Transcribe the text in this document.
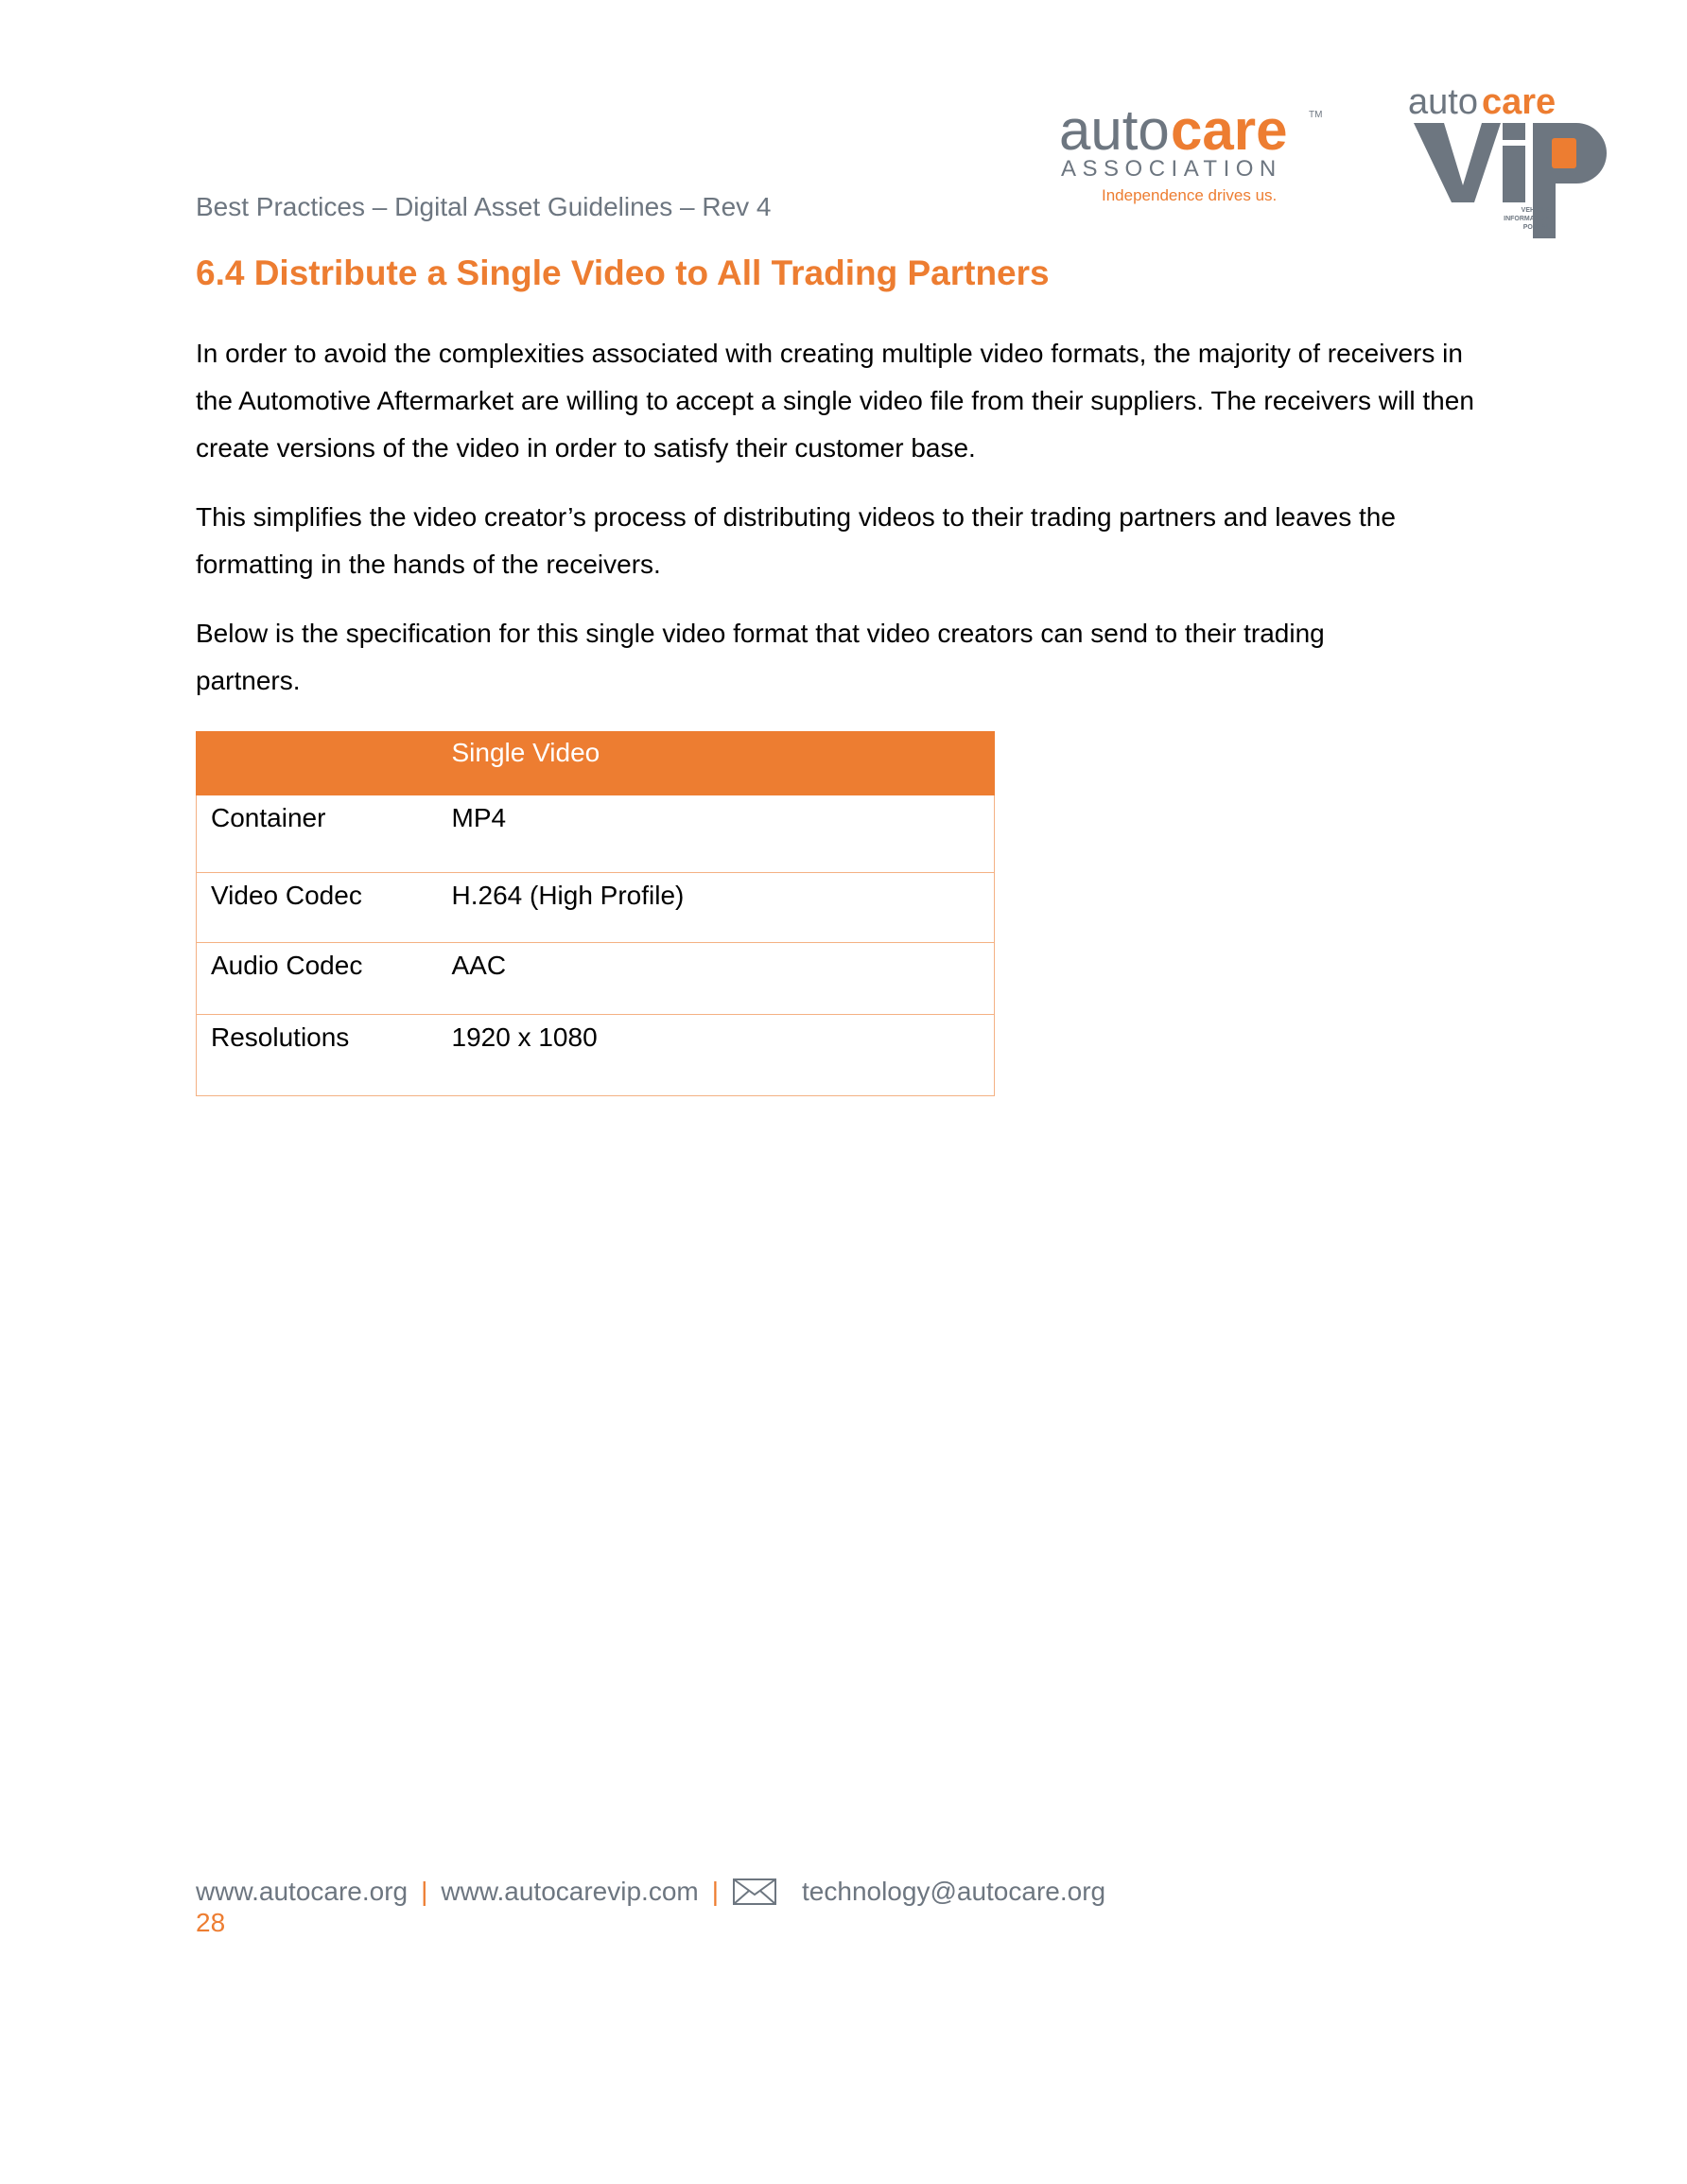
Best Practices – Digital Asset Guidelines – Rev 4
auto care TM
ASSOCIATION
Independence drives us.
auto care
VEHICLE
INFORMATION
PORTAL
6.4 Distribute a Single Video to All Trading Partners

In order to avoid the complexities associated with creating multiple video formats, the majority of receivers in the Automotive Aftermarket are willing to accept a single video file from their suppliers. The receivers will then create versions of the video in order to satisfy their customer base.

This simplifies the video creator’s process of distributing videos to their trading partners and leaves the formatting in the hands of the receivers.

Below is the specification for this single video format that video creators can send to their trading partners.

	Single Video
Container	MP4
Video Codec	H.264 (High Profile)
Audio Codec	AAC
Resolutions	1920 x 1080
www.autocare.org | www.autocarevip.com |	technology@autocare.org
28
